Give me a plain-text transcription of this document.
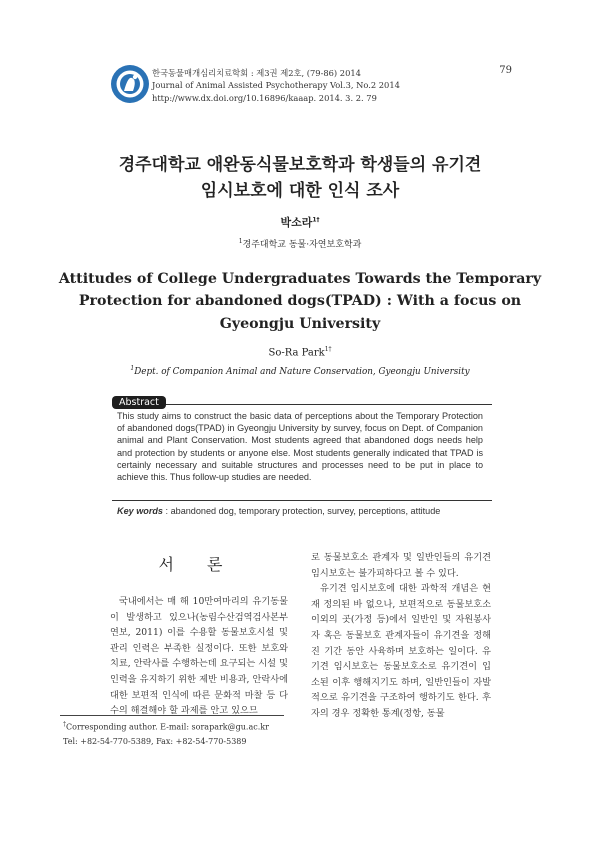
한국동물매개심리치료학회 : 제3권 제2호, (79-86) 2014
Journal of Animal Assisted Psychotherapy Vol.3, No.2 2014
http://www.dx.doi.org/10.16896/kaaap. 2014. 3. 2. 79
79
경주대학교 애완동식물보호학과 학생들의 유기견
임시보호에 대한 인식 조사
박소라$^{1\dagger}$
$^1$경주대학교 동물·자연보호학과
Attitudes of College Undergraduates Towards the Temporary
Protection for abandoned dogs(TPAD) : With a focus on
Gyeongju University
So-Ra Park$^{1\dagger}$
$^1$Dept. of Companion Animal and Nature Conservation, Gyeongju University
Abstract
This study aims to construct the basic data of perceptions about the Temporary Protection of abandoned dogs(TPAD) in Gyeongju University by survey, focus on Dept. of Companion animal and Plant Conservation. Most students agreed that abandoned dogs needs help and protection by students or anyone else. Most students generally indicated that TPAD is certainly necessary and suitable structures and processes need to be put in place to achieve this. Thus follow-up studies are needed.
Key words : abandoned dog, temporary protection, survey, perceptions, attitude
서 론

국내에서는 매 해 10만여마리의 유기동물이 발생하고 있으나(농림수산검역검사본부 연보, 2011) 이를 수용할 동물보호시설 및 관리 인력은 부족한 실정이다. 또한 보호와 치료, 안락사를 수행하는데 요구되는 시설 및 인력을 유지하기 위한 제반 비용과, 안락사에 대한 보편적 인식에 따른 문화적 마찰 등 다수의 해결해야 할 과제를 안고 있으므

로 동물보호소 관계자 및 일반인들의 유기견 임시보호는 불가피하다고 볼 수 있다.

유기견 임시보호에 대한 과학적 개념은 현재 정의된 바 없으나, 보편적으로 동물보호소 이외의 곳(가정 등)에서 일반인 및 자원봉사자 혹은 동물보호 관계자들이 유기견을 정해진 기간 동안 사육하며 보호하는 일이다. 유기견 임시보호는 동물보호소로 유기견이 입소된 이후 행해지기도 하며, 일반인들이 자발적으로 유기견을 구조하여 행하기도 한다. 후자의 경우 정확한 통계(정항, 동물

†Corresponding author. E-mail: sorapark@gu.ac.kr
Tel: +82-54-770-5389, Fax: +82-54-770-5389
